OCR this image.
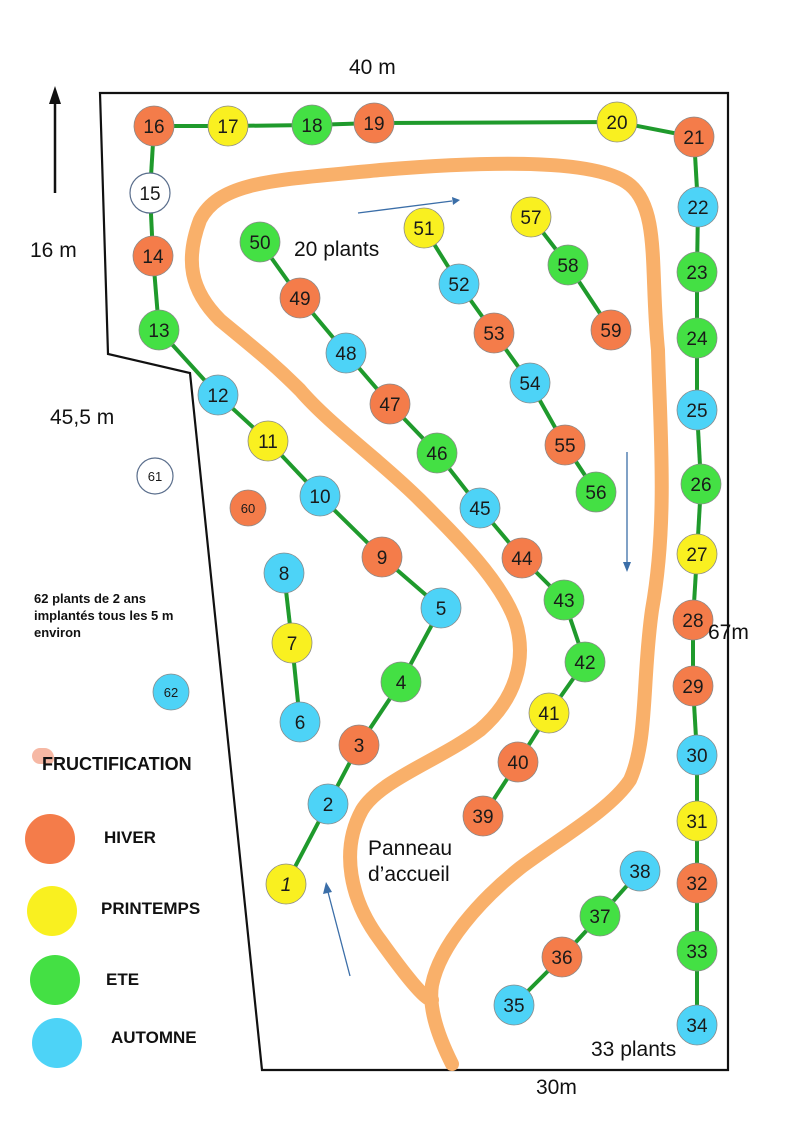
1
2
3
4
5
6
7
8
9
10
11
12
13
14
15
16	17	18 19	20
21
22
23
24
25
26
27
28
29
30
31
32
33
34
35
36
37
38
39
40
41
42
43
44
45
46
47
48
49
50
51
52
53
54
55
56
57
58
59
60
61
62
40 m
16 m
45,5 m
67m
30m
20 plants
33 plants
Panneau
d’accueil
62 plants de 2 ans
implantés tous les 5 m
environ
FRUCTIFICATION
HIVER
PRINTEMPS
ETE
AUTOMNE
